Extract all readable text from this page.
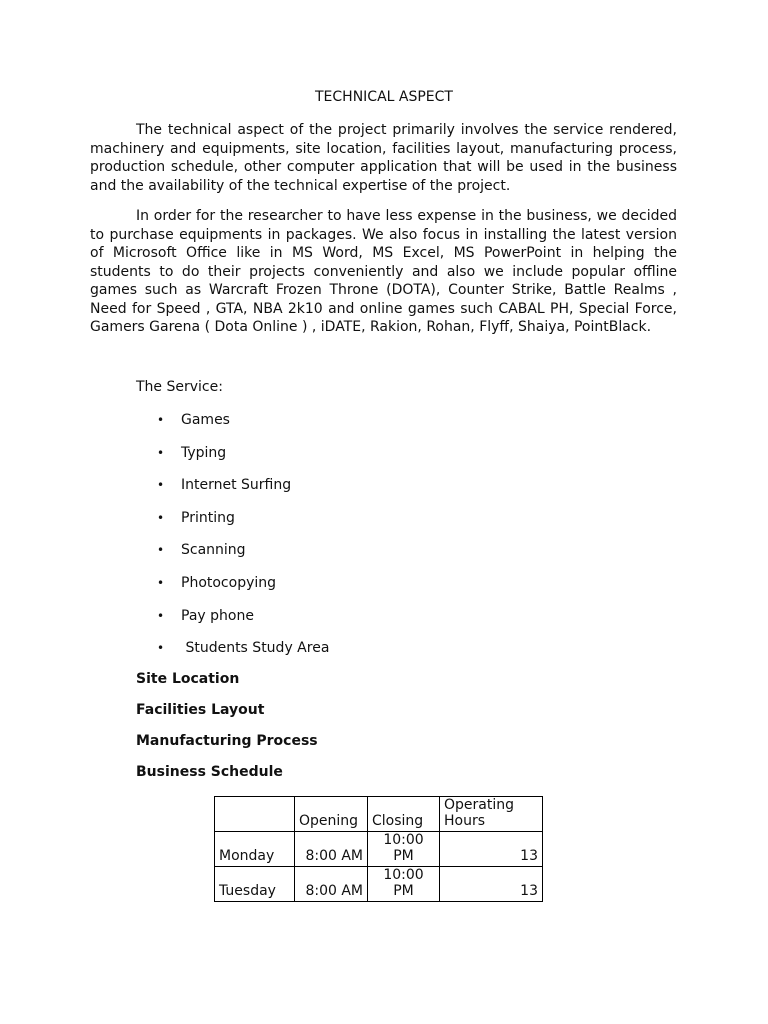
TECHNICAL ASPECT

The technical aspect of the project primarily involves the service rendered, machinery and equipments, site location, facilities layout, manufacturing process, production schedule, other computer application that will be used in the business and the availability of the technical expertise of the project.

In order for the researcher to have less expense in the business, we decided to purchase equipments in packages. We also focus in installing the latest version of Microsoft Office like in MS Word, MS Excel, MS PowerPoint in helping the students to do their projects conveniently and also we include popular offline games such as Warcraft Frozen Throne (DOTA), Counter Strike, Battle Realms , Need for Speed , GTA, NBA 2k10 and online games such CABAL PH, Special Force, Gamers Garena ( Dota Online ) , iDATE, Rakion, Rohan, Flyff, Shaiya, PointBlack.

The Service:
• Games
• Typing
• Internet Surfing
• Printing
• Scanning
• Photocopying
• Pay phone
• Students Study Area
Site Location
Facilities Layout
Manufacturing Process
Business Schedule
	Opening	Closing	Operating Hours
Monday	8:00 AM	10:00 PM	13
Tuesday	8:00 AM	10:00 PM	13
